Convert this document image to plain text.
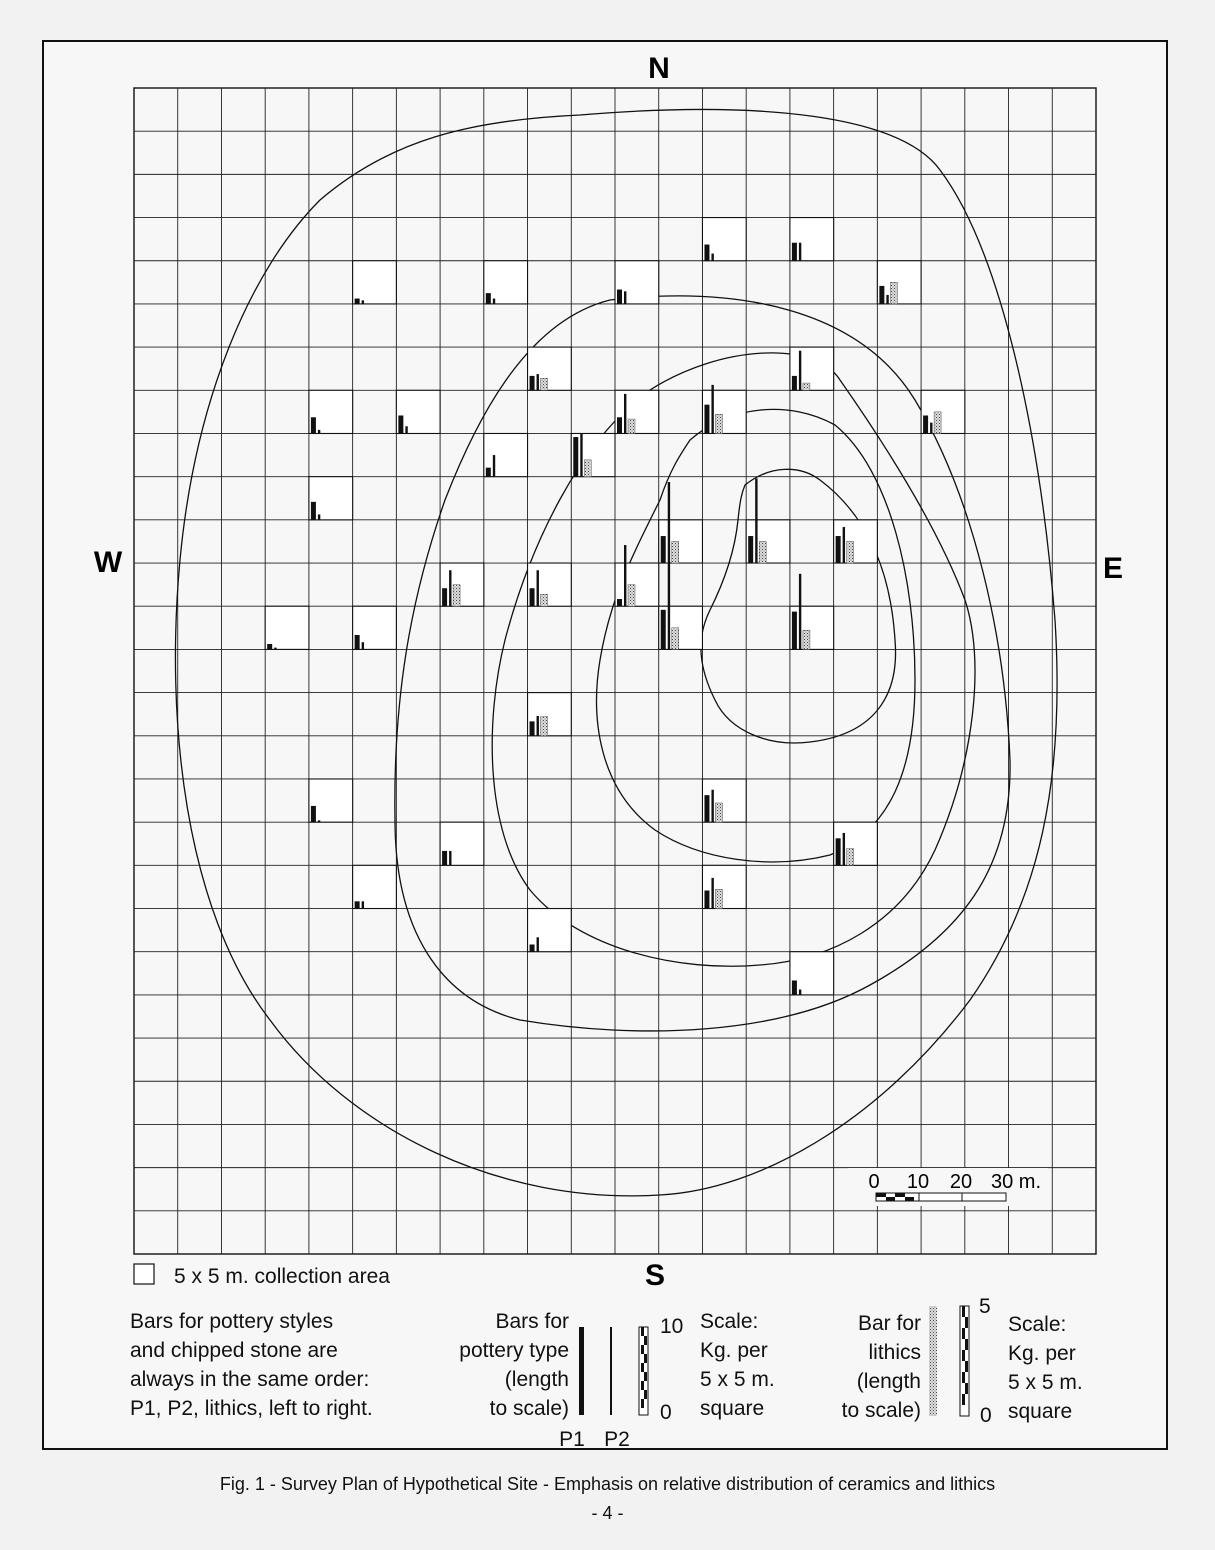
N
S
W	E
0 10 20 30 m.
5 x 5 m. collection area
Bars for pottery styles
and chipped stone are
always in the same order:
P1, P2, lithics, left to right.
Bars for
pottery type
(length
to scale)
P1 P2
10
0
Scale:
Kg. per
5 x 5 m.
square
Bar for
lithics
(length
to scale)
5
0
Scale:
Kg. per
5 x 5 m.
square
Fig. 1 - Survey Plan of Hypothetical Site - Emphasis on relative distribution of ceramics and lithics
- 4 -
